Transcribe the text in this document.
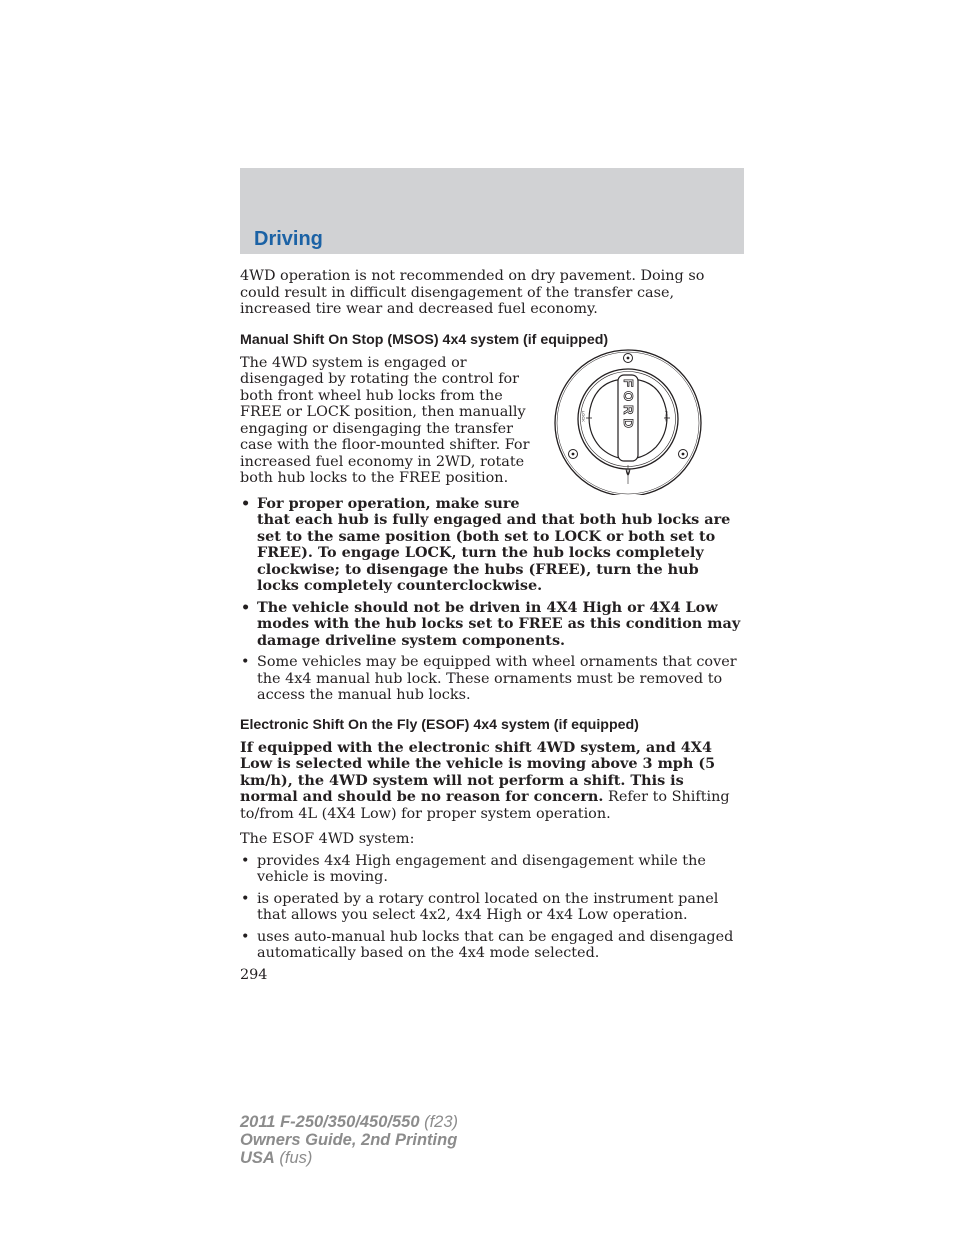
Driving

4WD operation is not recommended on dry pavement. Doing so could result in difficult disengagement of the transfer case, increased tire wear and decreased fuel economy.

Manual Shift On Stop (MSOS) 4x4 system (if equipped)
FORD
LOCK	FREE

The 4WD system is engaged or disengaged by rotating the control for both front wheel hub locks from the FREE or LOCK position, then manually engaging or disengaging the transfer case with the floor-mounted shifter. For increased fuel economy in 2WD, rotate both hub locks to the FREE position.

• For proper operation, make sure that each hub is fully engaged and that both hub locks are set to the same position (both set to LOCK or both set to FREE). To engage LOCK, turn the hub locks completely clockwise; to disengage the hubs (FREE), turn the hub locks completely counterclockwise.
• The vehicle should not be driven in 4X4 High or 4X4 Low modes with the hub locks set to FREE as this condition may damage driveline system components.
• Some vehicles may be equipped with wheel ornaments that cover the 4x4 manual hub lock. These ornaments must be removed to access the manual hub locks.
Electronic Shift On the Fly (ESOF) 4x4 system (if equipped)

If equipped with the electronic shift 4WD system, and 4X4 Low is selected while the vehicle is moving above 3 mph (5 km/h), the 4WD system will not perform a shift. This is normal and should be no reason for concern. Refer to Shifting to/from 4L (4X4 Low) for proper system operation.

The ESOF 4WD system:

• provides 4x4 High engagement and disengagement while the vehicle is moving.
• is operated by a rotary control located on the instrument panel that allows you select 4x2, 4x4 High or 4x4 Low operation.
• uses auto-manual hub locks that can be engaged and disengaged automatically based on the 4x4 mode selected.

294

2011 F-250/350/450/550 (f23)
Owners Guide, 2nd Printing
USA (fus)
